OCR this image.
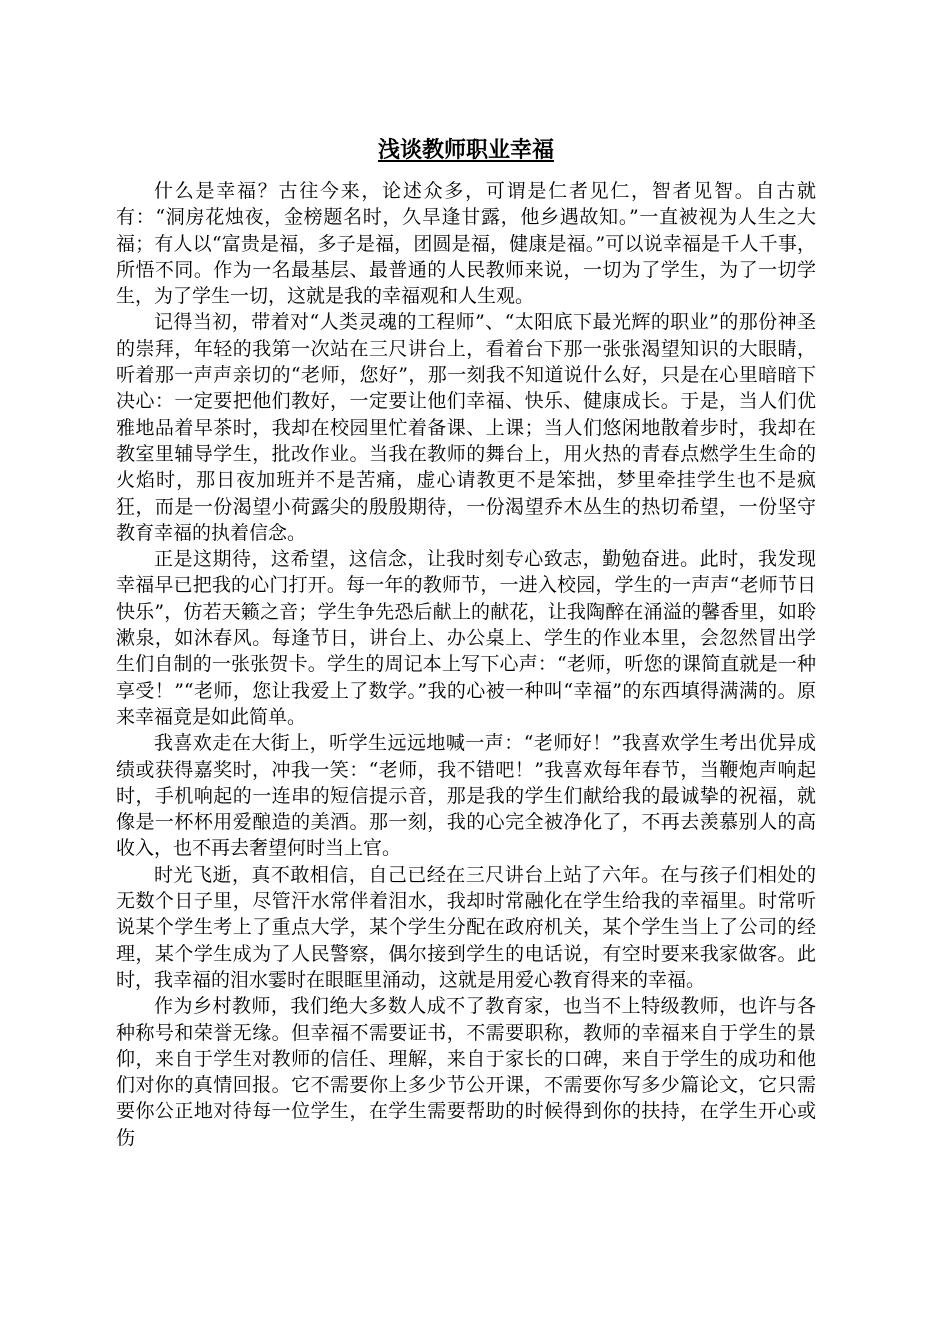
浅谈教师职业幸福

什么是幸福？古往今来，论述众多，可谓是仁者见仁，智者见智。自古就有：“洞房花烛夜，金榜题名时，久旱逢甘露，他乡遇故知。”一直被视为人生之大福；有人以“富贵是福，多子是福，团圆是福，健康是福。”可以说幸福是千人千事，所悟不同。作为一名最基层、最普通的人民教师来说，一切为了学生，为了一切学生，为了学生一切，这就是我的幸福观和人生观。

记得当初，带着对“人类灵魂的工程师”、“太阳底下最光辉的职业”的那份神圣的崇拜，年轻的我第一次站在三尺讲台上，看着台下那一张张渴望知识的大眼睛，听着那一声声亲切的“老师，您好”，那一刻我不知道说什么好，只是在心里暗暗下决心：一定要把他们教好，一定要让他们幸福、快乐、健康成长。于是，当人们优雅地品着早茶时，我却在校园里忙着备课、上课；当人们悠闲地散着步时，我却在教室里辅导学生，批改作业。当我在教师的舞台上，用火热的青春点燃学生生命的火焰时，那日夜加班并不是苦痛，虚心请教更不是笨拙，梦里牵挂学生也不是疯狂，而是一份渴望小荷露尖的殷殷期待，一份渴望乔木丛生的热切希望，一份坚守教育幸福的执着信念。

正是这期待，这希望，这信念，让我时刻专心致志，勤勉奋进。此时，我发现幸福早已把我的心门打开。每一年的教师节，一进入校园，学生的一声声“老师节日快乐”，仿若天籁之音；学生争先恐后献上的献花，让我陶醉在涌溢的馨香里，如聆漱泉，如沐春风。每逢节日，讲台上、办公桌上、学生的作业本里，会忽然冒出学生们自制的一张张贺卡。学生的周记本上写下心声：“老师，听您的课简直就是一种享受！”“老师，您让我爱上了数学。”我的心被一种叫“幸福”的东西填得满满的。原来幸福竟是如此简单。

我喜欢走在大街上，听学生远远地喊一声：“老师好！”我喜欢学生考出优异成绩或获得嘉奖时，冲我一笑：“老师，我不错吧！”我喜欢每年春节，当鞭炮声响起时，手机响起的一连串的短信提示音，那是我的学生们献给我的最诚挚的祝福，就像是一杯杯用爱酿造的美酒。那一刻，我的心完全被净化了，不再去羡慕别人的高收入，也不再去奢望何时当上官。

时光飞逝，真不敢相信，自己已经在三尺讲台上站了六年。在与孩子们相处的无数个日子里，尽管汗水常伴着泪水，我却时常融化在学生给我的幸福里。时常听说某个学生考上了重点大学，某个学生分配在政府机关，某个学生当上了公司的经理，某个学生成为了人民警察，偶尔接到学生的电话说，有空时要来我家做客。此时，我幸福的泪水霎时在眼眶里涌动，这就是用爱心教育得来的幸福。

作为乡村教师，我们绝大多数人成不了教育家，也当不上特级教师，也许与各种称号和荣誉无缘。但幸福不需要证书，不需要职称，教师的幸福来自于学生的景仰，来自于学生对教师的信任、理解，来自于家长的口碑，来自于学生的成功和他们对你的真情回报。它不需要你上多少节公开课，不需要你写多少篇论文，它只需要你公正地对待每一位学生，在学生需要帮助的时候得到你的扶持，在学生开心或伤
